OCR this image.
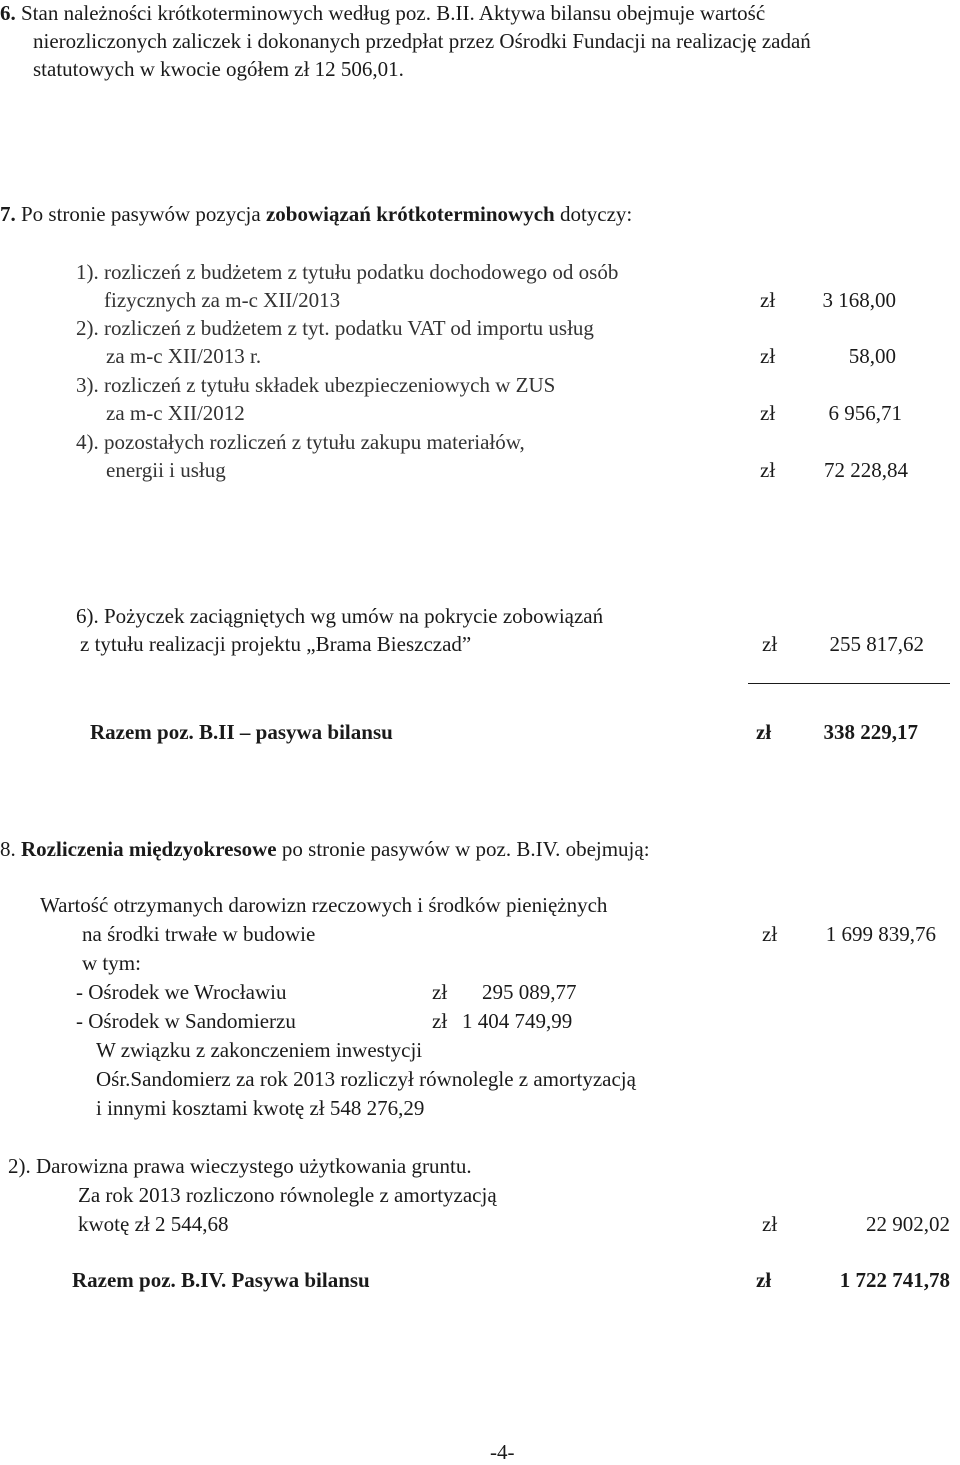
6. Stan należności krótkoterminowych według poz. B.II. Aktywa bilansu obejmuje wartość
nierozliczonych zaliczek i dokonanych przedpłat przez Ośrodki Fundacji na realizację zadań
statutowych w kwocie ogółem zł 12 506,01.
7. Po stronie pasywów pozycja zobowiązań krótkoterminowych dotyczy:
1). rozliczeń z budżetem z tytułu podatku dochodowego od osób
fizycznych za m-c XII/2013	zł 3 168,00
2). rozliczeń z budżetem z tyt. podatku VAT od importu usług
za m-c XII/2013 r.	zł	58,00
3). rozliczeń z tytułu składek ubezpieczeniowych w ZUS
za m-c XII/2012	zł	6 956,71
4). pozostałych rozliczeń z tytułu zakupu materiałów,
energii i usług	zł 72 228,84
6). Pożyczek zaciągniętych wg umów na pokrycie zobowiązań
z tytułu realizacji projektu „Brama Bieszczad”	zł 255 817,62
Razem poz. B.II – pasywa bilansu	zł 338 229,17
8. Rozliczenia międzyokresowe po stronie pasywów w poz. B.IV. obejmują:
Wartość otrzymanych darowizn rzeczowych i środków pieniężnych
na środki trwałe w budowie	zł 1 699 839,76
w tym:
- Ośrodek we Wrocławiu	zł 295 089,77
- Ośrodek w Sandomierzu	zł 1 404 749,99
W związku z zakonczeniem inwestycji
Ośr.Sandomierz za rok 2013 rozliczył równolegle z amortyzacją
i innymi kosztami kwotę zł 548 276,29
2). Darowizna prawa wieczystego użytkowania gruntu.
Za rok 2013 rozliczono równolegle z amortyzacją
kwotę zł 2 544,68	zł	22 902,02
Razem poz. B.IV. Pasywa bilansu	zł	1 722 741,78
-4-
